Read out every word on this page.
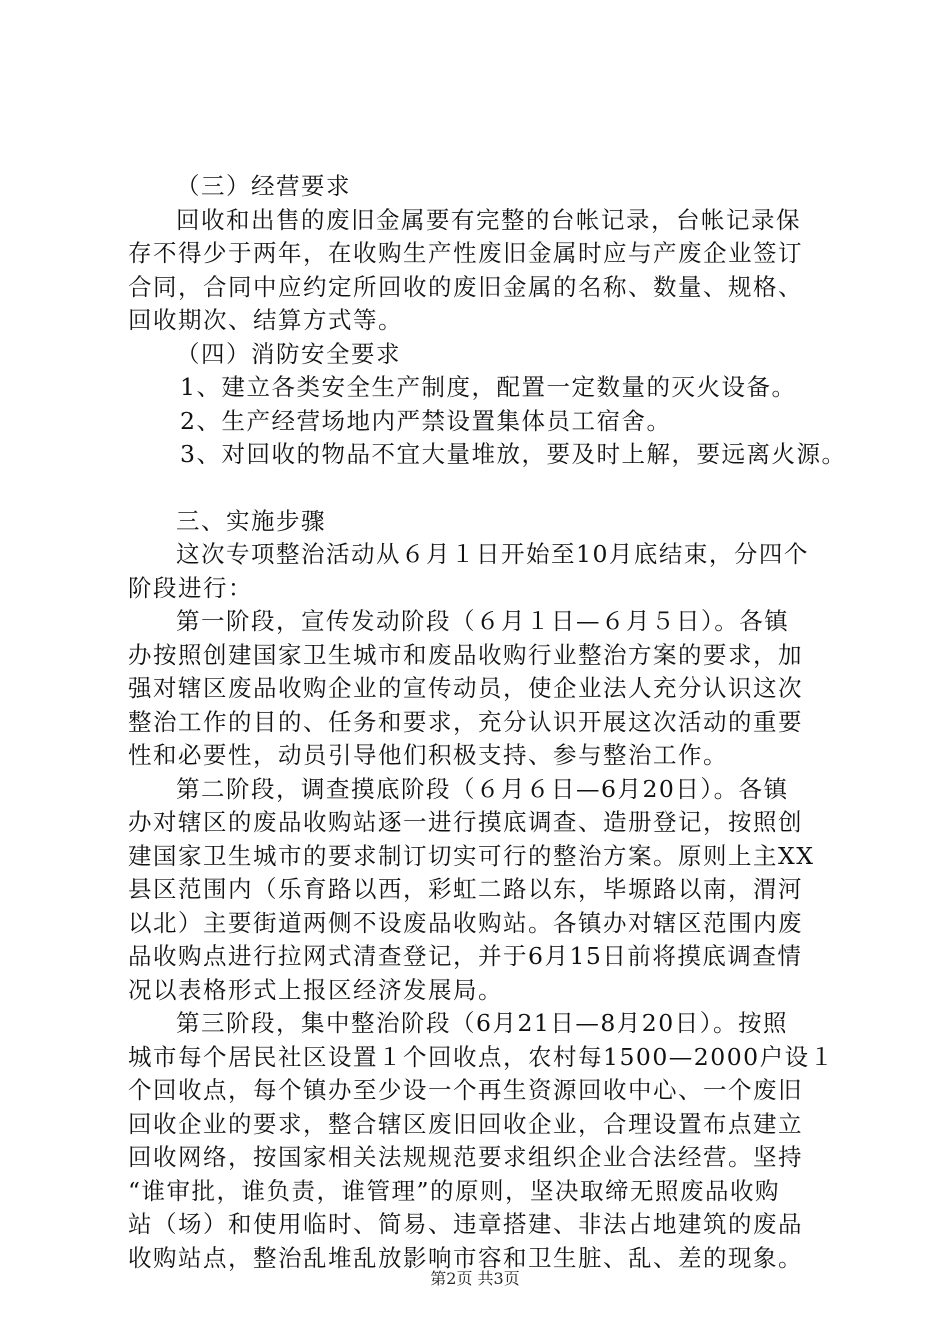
（三）经营要求
回收和出售的废旧金属要有完整的台帐记录，台帐记录保
存不得少于两年，在收购生产性废旧金属时应与产废企业签订
合同，合同中应约定所回收的废旧金属的名称、数量、规格、
回收期次、结算方式等。
（四）消防安全要求
1、建立各类安全生产制度，配置一定数量的灭火设备。
2、生产经营场地内严禁设置集体员工宿舍。
3、对回收的物品不宜大量堆放，要及时上解，要远离火源。
三、实施步骤
这次专项整治活动从６月１日开始至10月底结束，分四个
阶段进行：
第一阶段，宣传发动阶段（６月１日—６月５日）。各镇
办按照创建国家卫生城市和废品收购行业整治方案的要求，加
强对辖区废品收购企业的宣传动员，使企业法人充分认识这次
整治工作的目的、任务和要求，充分认识开展这次活动的重要
性和必要性，动员引导他们积极支持、参与整治工作。
第二阶段，调查摸底阶段（６月６日—6月20日）。各镇
办对辖区的废品收购站逐一进行摸底调查、造册登记，按照创
建国家卫生城市的要求制订切实可行的整治方案。原则上主XX
县区范围内（乐育路以西，彩虹二路以东，毕塬路以南，渭河
以北）主要街道两侧不设废品收购站。各镇办对辖区范围内废
品收购点进行拉网式清查登记，并于6月15日前将摸底调查情
况以表格形式上报区经济发展局。
第三阶段，集中整治阶段（6月21日—8月20日）。按照
城市每个居民社区设置１个回收点，农村每1500—2000户设１
个回收点，每个镇办至少设一个再生资源回收中心、一个废旧
回收企业的要求，整合辖区废旧回收企业，合理设置布点建立
回收网络，按国家相关法规规范要求组织企业合法经营。坚持
“谁审批，谁负责，谁管理”的原则，坚决取缔无照废品收购
站（场）和使用临时、简易、违章搭建、非法占地建筑的废品
收购站点，整治乱堆乱放影响市容和卫生脏、乱、差的现象。
第2页 共3页
